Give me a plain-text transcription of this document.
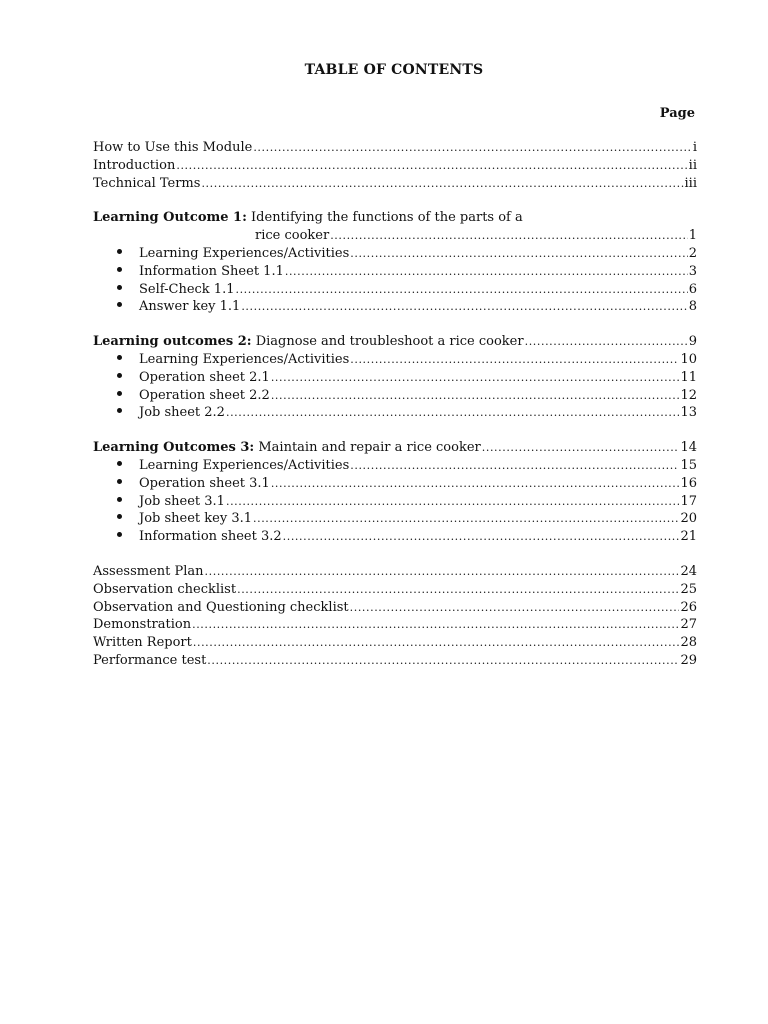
TABLE OF CONTENTS
Page
How to Use this Module .....	i
Introduction .....	ii
Technical Terms .....	iii
Learning Outcome 1: Identifying the functions of the parts of a
rice cooker .....	1
Learning Experiences/Activities .....	2
Information Sheet 1.1 .....	3
Self-Check 1.1 .....	6
Answer key 1.1 .....	8
Learning outcomes 2: Diagnose and troubleshoot a rice cooker .....	9
Learning Experiences/Activities .....	10
Operation sheet 2.1 .....	11
Operation sheet 2.2 .....	12
Job sheet 2.2 .....	13
Learning Outcomes 3: Maintain and repair a rice cooker .....	14
Learning Experiences/Activities .....	15
Operation sheet 3.1 .....	16
Job sheet 3.1 .....	17
Job sheet key 3.1 .....	20
Information sheet 3.2 .....	21
Assessment Plan .....	24
Observation checklist .....	25
Observation and Questioning checklist .....	26
Demonstration .....	27
Written Report .....	28
Performance test .....	29
